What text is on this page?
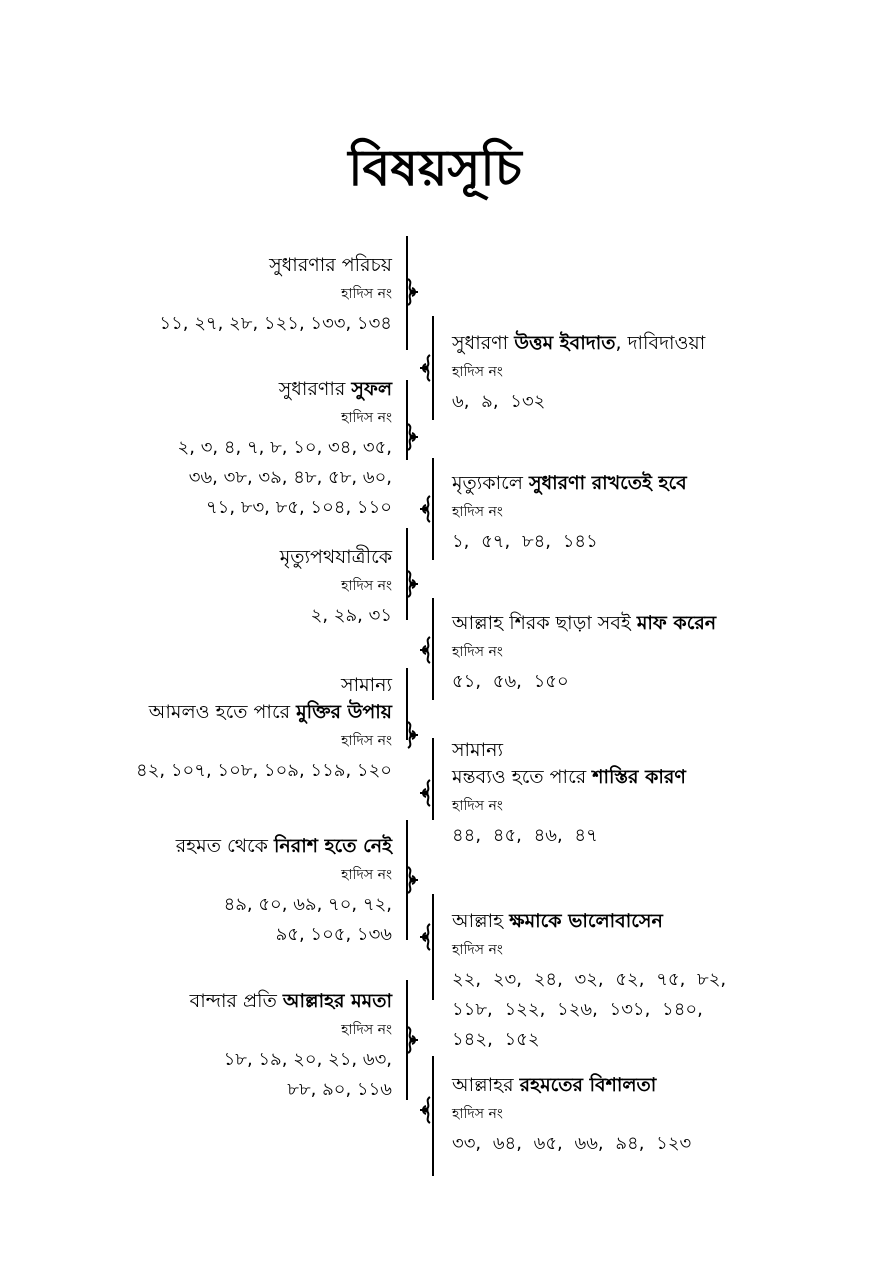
বিষয়সূচি
সুধারণার পরিচয়
হাদিস নং
১১, ২৭, ২৮, ১২১, ১৩৩, ১৩৪
সুধারণার সুফল
হাদিস নং
২, ৩, ৪, ৭, ৮, ১০, ৩৪, ৩৫,
৩৬, ৩৮, ৩৯, ৪৮, ৫৮, ৬০,
৭১, ৮৩, ৮৫, ১০৪, ১১০
মৃত্যুপথযাত্রীকে
হাদিস নং
২, ২৯, ৩১
সামান্য
আমলও হতে পারে মুক্তির উপায়
হাদিস নং
৪২, ১০৭, ১০৮, ১০৯, ১১৯, ১২০
রহমত থেকে নিরাশ হতে নেই
হাদিস নং
৪৯, ৫০, ৬৯, ৭০, ৭২,
৯৫, ১০৫, ১৩৬
বান্দার প্রতি আল্লাহর মমতা
হাদিস নং
১৮, ১৯, ২০, ২১, ৬৩,
৮৮, ৯০, ১১৬
সুধারণা উত্তম ইবাদাত, দাবিদাওয়া
হাদিস নং
৬, ৯, ১৩২
মৃত্যুকালে সুধারণা রাখতেই হবে
হাদিস নং
১, ৫৭, ৮৪, ১৪১
আল্লাহ শিরক ছাড়া সবই মাফ করেন
হাদিস নং
৫১, ৫৬, ১৫০
সামান্য
মন্তব্যও হতে পারে শাস্তির কারণ
হাদিস নং
৪৪, ৪৫, ৪৬, ৪৭
আল্লাহ ক্ষমাকে ভালোবাসেন
হাদিস নং
২২, ২৩, ২৪, ৩২, ৫২, ৭৫, ৮২,
১১৮, ১২২, ১২৬, ১৩১, ১৪০,
১৪২, ১৫২
আল্লাহর রহমতের বিশালতা
হাদিস নং
৩৩, ৬৪, ৬৫, ৬৬, ৯৪, ১২৩
